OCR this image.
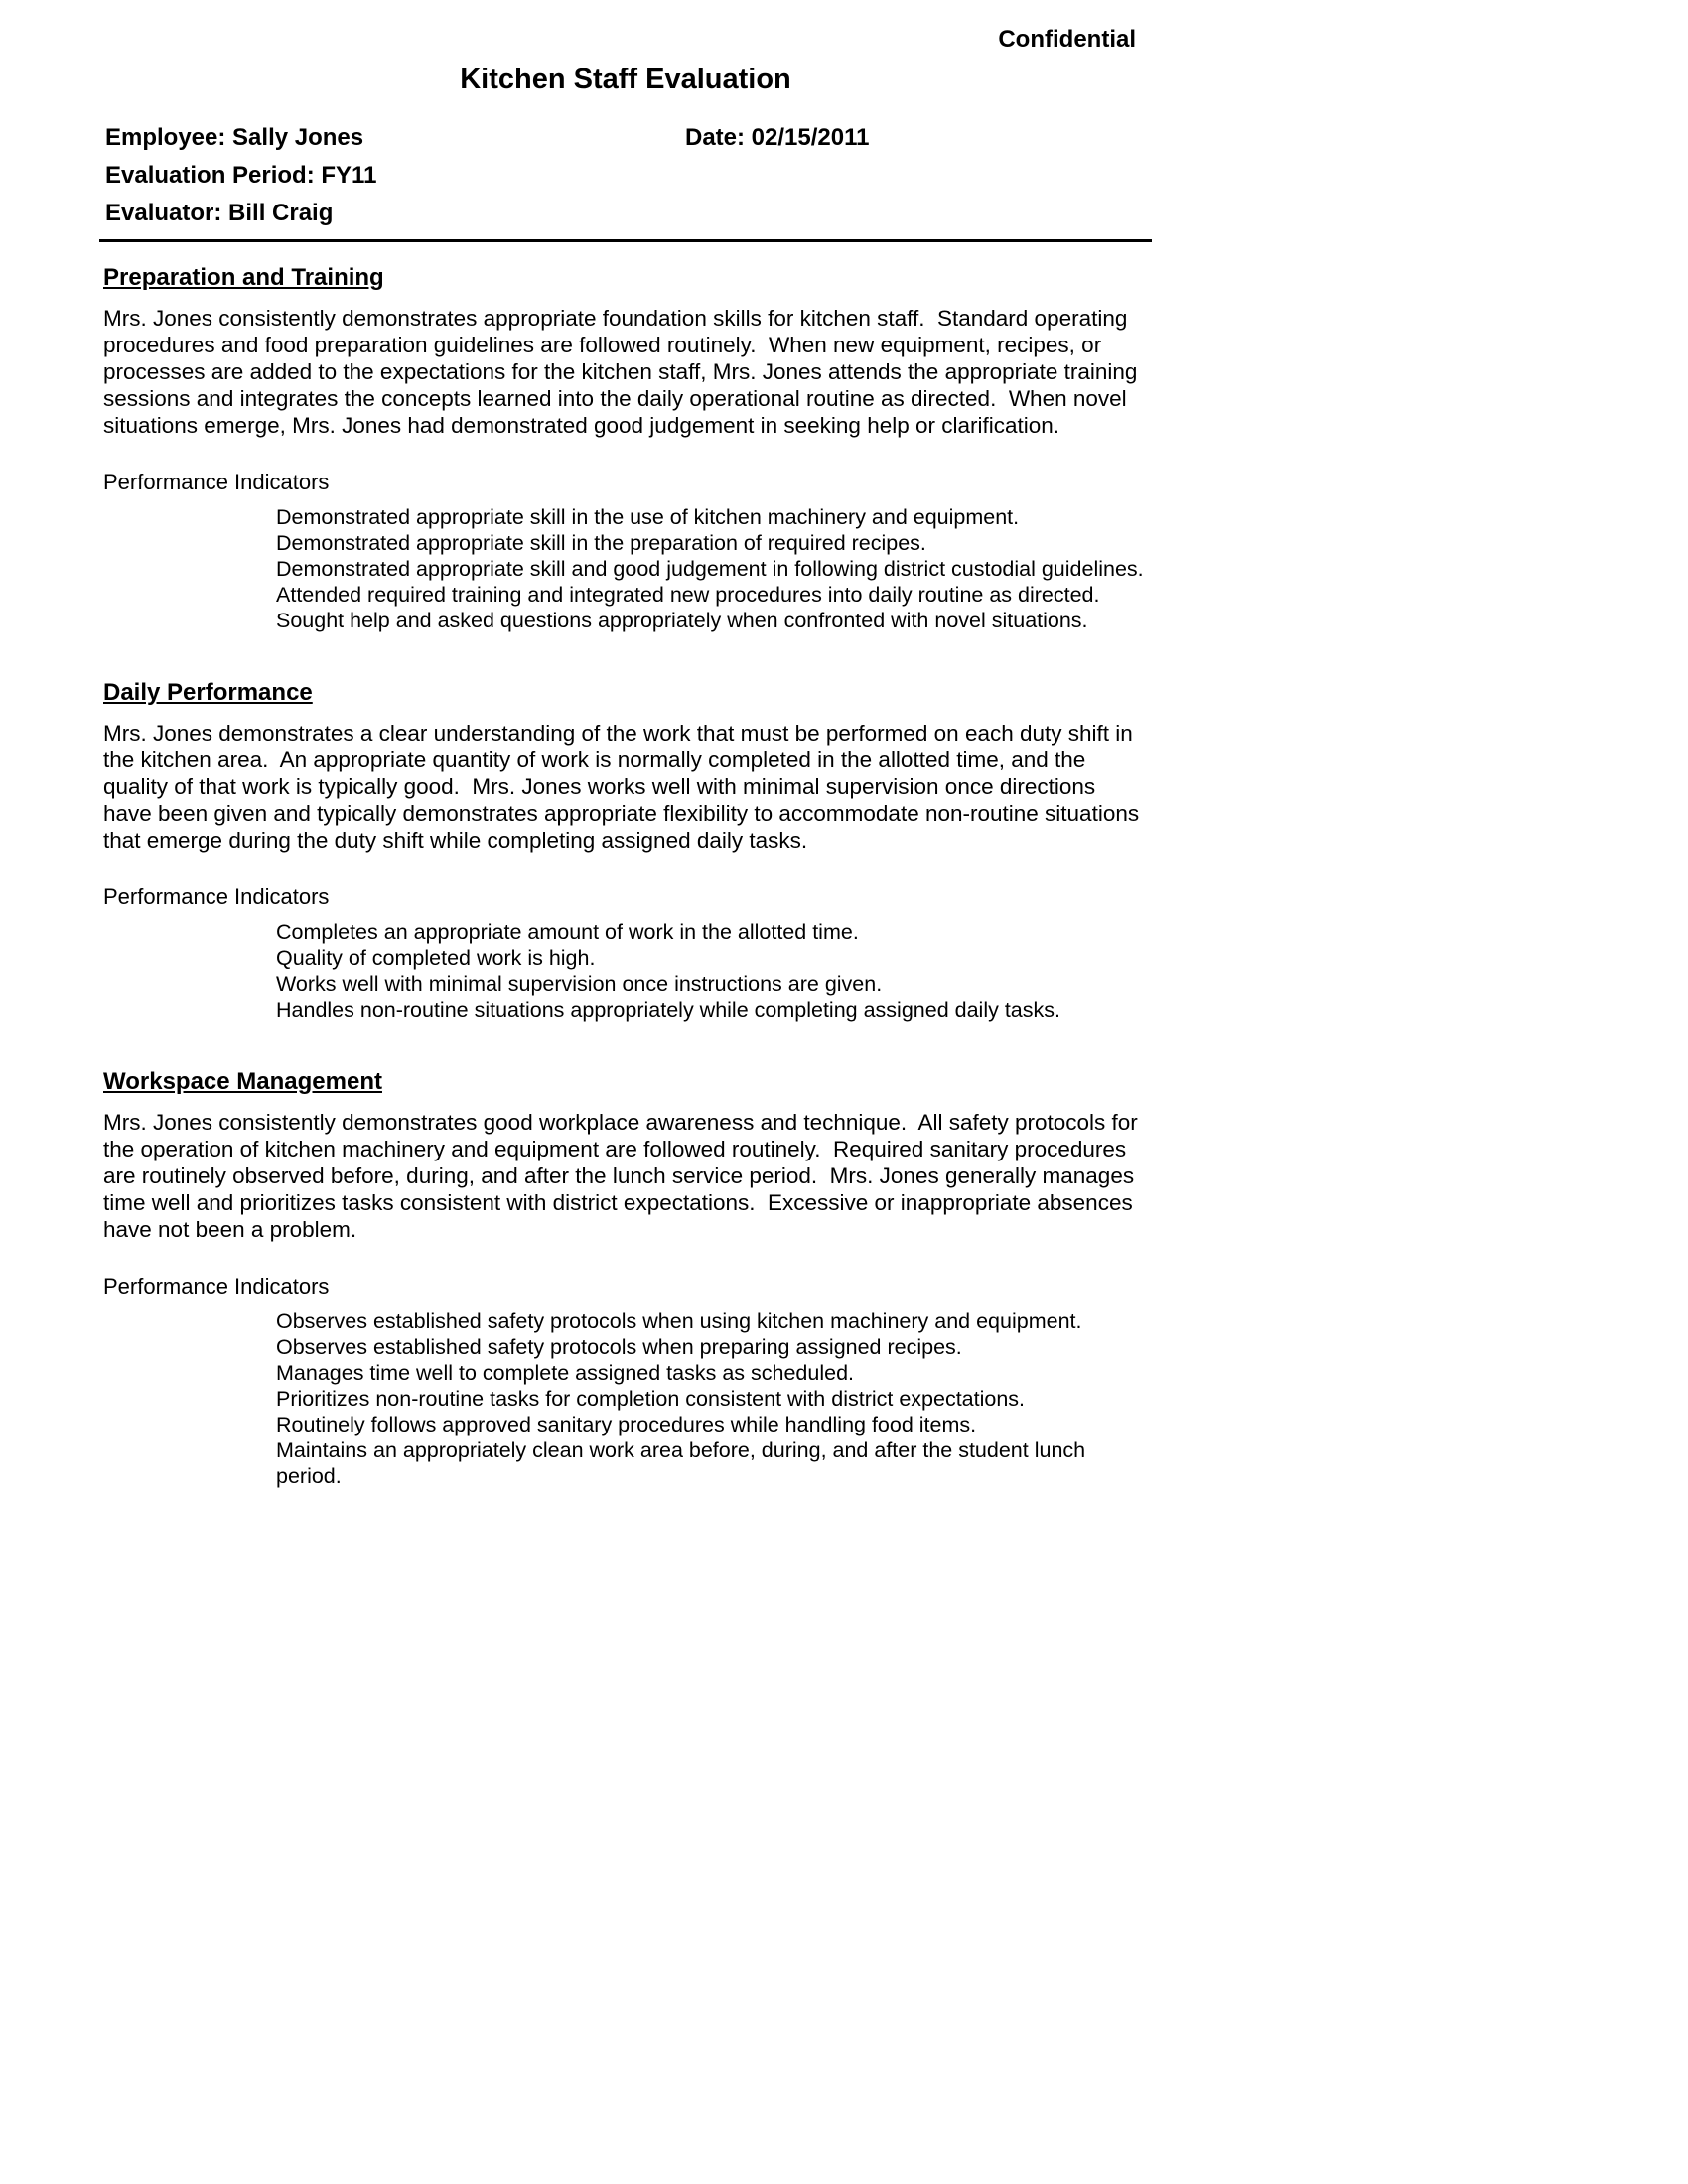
Confidential
Kitchen Staff Evaluation
Employee: Sally Jones	Date: 02/15/2011
Evaluation Period: FY11
Evaluator: Bill Craig
Preparation and Training
Mrs. Jones consistently demonstrates appropriate foundation skills for kitchen staff.  Standard operating procedures and food preparation guidelines are followed routinely.  When new equipment, recipes, or processes are added to the expectations for the kitchen staff, Mrs. Jones attends the appropriate training sessions and integrates the concepts learned into the daily operational routine as directed.  When novel situations emerge, Mrs. Jones had demonstrated good judgement in seeking help or clarification.
Performance Indicators
Demonstrated appropriate skill in the use of kitchen machinery and equipment.
Demonstrated appropriate skill in the preparation of required recipes.
Demonstrated appropriate skill and good judgement in following district custodial guidelines.
Attended required training and integrated new procedures into daily routine as directed.
Sought help and asked questions appropriately when confronted with novel situations.
Daily Performance
Mrs. Jones demonstrates a clear understanding of the work that must be performed on each duty shift in the kitchen area.  An appropriate quantity of work is normally completed in the allotted time, and the quality of that work is typically good.  Mrs. Jones works well with minimal supervision once directions have been given and typically demonstrates appropriate flexibility to accommodate non-routine situations that emerge during the duty shift while completing assigned daily tasks.
Performance Indicators
Completes an appropriate amount of work in the allotted time.
Quality of completed work is high.
Works well with minimal supervision once instructions are given.
Handles non-routine situations appropriately while completing assigned daily tasks.
Workspace Management
Mrs. Jones consistently demonstrates good workplace awareness and technique.  All safety protocols for the operation of kitchen machinery and equipment are followed routinely.  Required sanitary procedures are routinely observed before, during, and after the lunch service period.  Mrs. Jones generally manages time well and prioritizes tasks consistent with district expectations.  Excessive or inappropriate absences have not been a problem.
Performance Indicators
Observes established safety protocols when using kitchen machinery and equipment.
Observes established safety protocols when preparing assigned recipes.
Manages time well to complete assigned tasks as scheduled.
Prioritizes non-routine tasks for completion consistent with district expectations.
Routinely follows approved sanitary procedures while handling food items.
Maintains an appropriately clean work area before, during, and after the student lunch period.
